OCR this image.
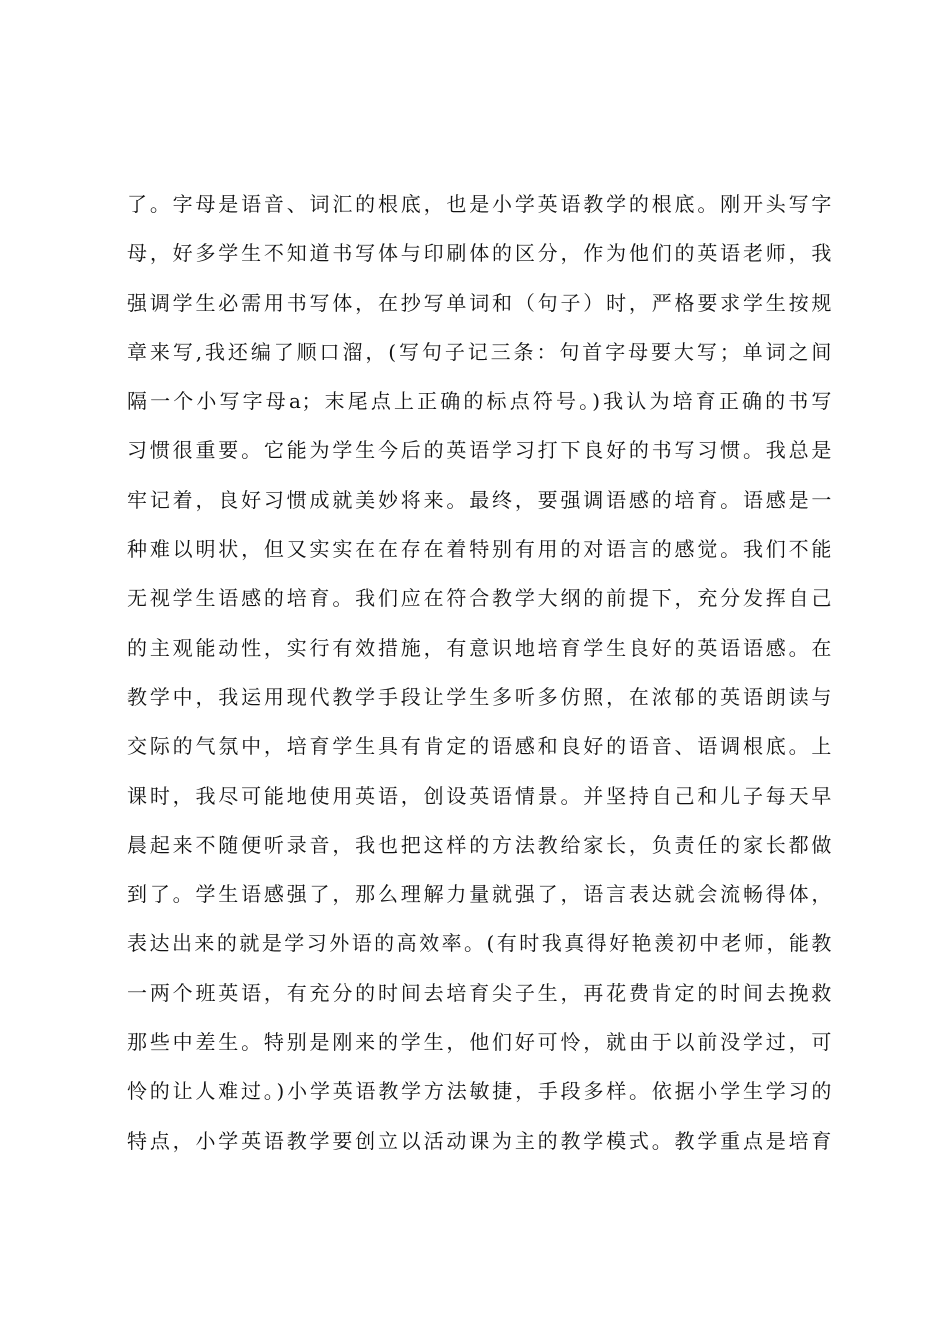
了。字母是语音、词汇的根底，也是小学英语教学的根底。刚开头写字
母，好多学生不知道书写体与印刷体的区分，作为他们的英语老师，我
强调学生必需用书写体，在抄写单词和（句子）时，严格要求学生按规
章来写,我还编了顺口溜，(写句子记三条：句首字母要大写；单词之间
隔一个小写字母a；末尾点上正确的标点符号。)我认为培育正确的书写
习惯很重要。它能为学生今后的英语学习打下良好的书写习惯。我总是
牢记着，良好习惯成就美妙将来。最终，要强调语感的培育。语感是一
种难以明状，但又实实在在存在着特别有用的对语言的感觉。我们不能
无视学生语感的培育。我们应在符合教学大纲的前提下，充分发挥自己
的主观能动性，实行有效措施，有意识地培育学生良好的英语语感。在
教学中，我运用现代教学手段让学生多听多仿照，在浓郁的英语朗读与
交际的气氛中，培育学生具有肯定的语感和良好的语音、语调根底。上
课时，我尽可能地使用英语，创设英语情景。并坚持自己和儿子每天早
晨起来不随便听录音，我也把这样的方法教给家长，负责任的家长都做
到了。学生语感强了，那么理解力量就强了，语言表达就会流畅得体，
表达出来的就是学习外语的高效率。(有时我真得好艳羡初中老师，能教
一两个班英语，有充分的时间去培育尖子生，再花费肯定的时间去挽救
那些中差生。特别是刚来的学生，他们好可怜，就由于以前没学过，可
怜的让人难过。)小学英语教学方法敏捷，手段多样。依据小学生学习的
特点，小学英语教学要创立以活动课为主的教学模式。教学重点是培育
